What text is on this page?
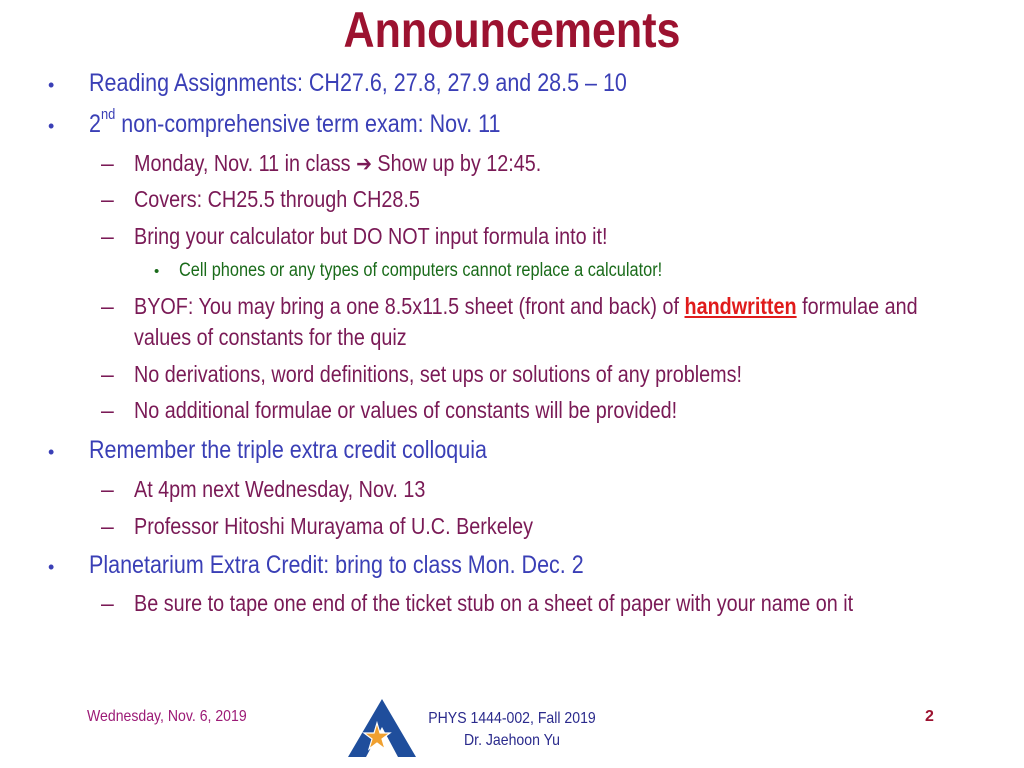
Announcements
• Reading Assignments: CH27.6, 27.8, 27.9 and 28.5 – 10
• 2nd non-comprehensive term exam: Nov. 11
– Monday, Nov. 11 in class ➔ Show up by 12:45.
– Covers: CH25.5 through CH28.5
– Bring your calculator but DO NOT input formula into it!
• Cell phones or any types of computers cannot replace a calculator!
– BYOF: You may bring a one 8.5x11.5 sheet (front and back) of handwritten formulae and
values of constants for the quiz
– No derivations, word definitions, set ups or solutions of any problems!
– No additional formulae or values of constants will be provided!
• Remember the triple extra credit colloquia
– At 4pm next Wednesday, Nov. 13
– Professor Hitoshi Murayama of U.C. Berkeley
• Planetarium Extra Credit: bring to class Mon. Dec. 2
– Be sure to tape one end of the ticket stub on a sheet of paper with your name on it
Wednesday, Nov. 6, 2019	PHYS 1444-002, Fall 2019
Dr. Jaehoon Yu
2
